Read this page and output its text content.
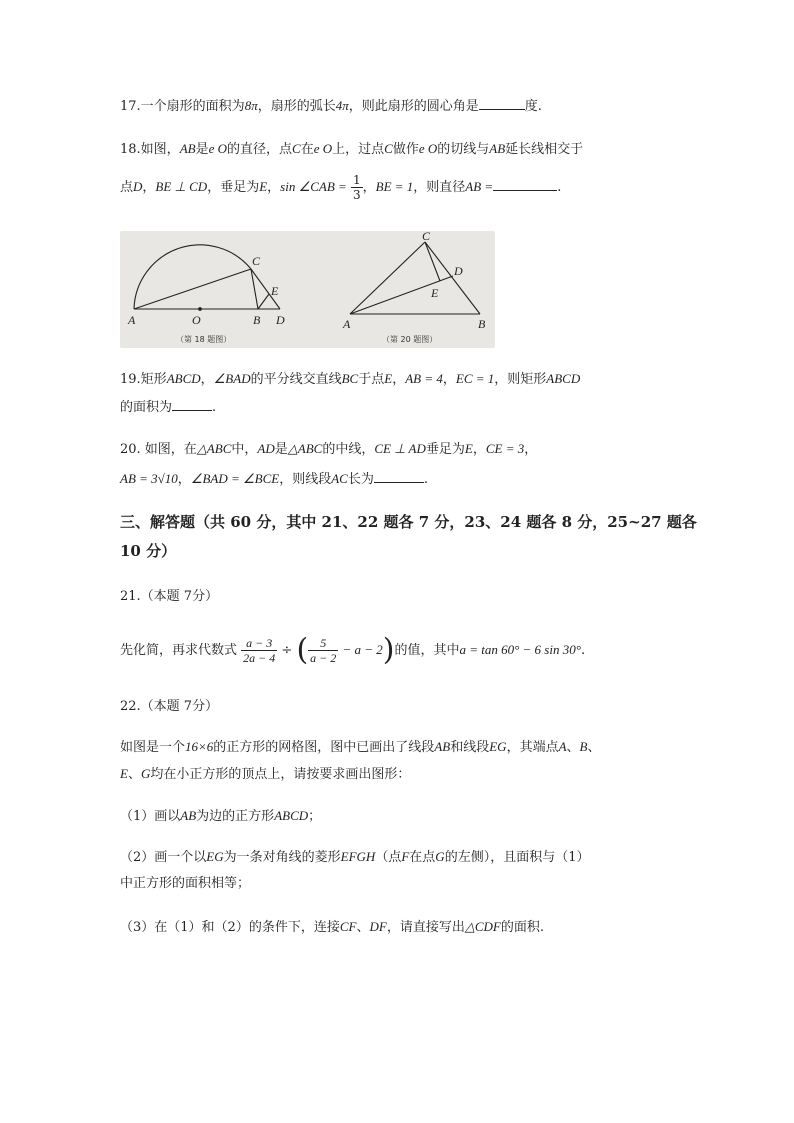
17.一个扇形的面积为8π，扇形的弧长4π，则此扇形的圆心角是	度.
18.如图，AB是e O的直径，点C在e O上，过点C做作e O的切线与AB延长线相交于
点D，BE ⊥ CD，垂足为E，sin ∠CAB = $\frac{1}{3}$ ，BE = 1，则直径AB =	.
A	O	B D
C
E
（第 18 题图）
A	B
C
D
E
（第 20 题图）
19.矩形ABCD，∠BAD的平分线交直线BC于点E，AB = 4，EC = 1，则矩形ABCD
的面积为	.
20. 如图，在△ABC中，AD是△ABC的中线，CE ⊥ AD垂足为E，CE = 3，
AB = 3√10，∠BAD = ∠BCE，则线段AC长为	.
三、解答题（共 60 分，其中 21、22 题各 7 分，23、24 题各 8 分，25~27 题各
10 分）
21.（本题 7分）
先化简，再求代数式 $\frac{a - 3}{2a - 4}$ ÷ ( $\frac{5}{a - 2} - a - 2$)的值，其中a = tan 60° − 6 sin 30°.
22.（本题 7分）
如图是一个16×6的正方形的网格图，图中已画出了线段AB和线段EG，其端点A、B、
E、G均在小正方形的顶点上，请按要求画出图形：
（1）画以AB为边的正方形ABCD；
（2）画一个以EG为一条对角线的菱形EFGH（点F在点G的左侧），且面积与（1）
中正方形的面积相等；
（3）在（1）和（2）的条件下，连接CF、DF，请直接写出△CDF的面积.
